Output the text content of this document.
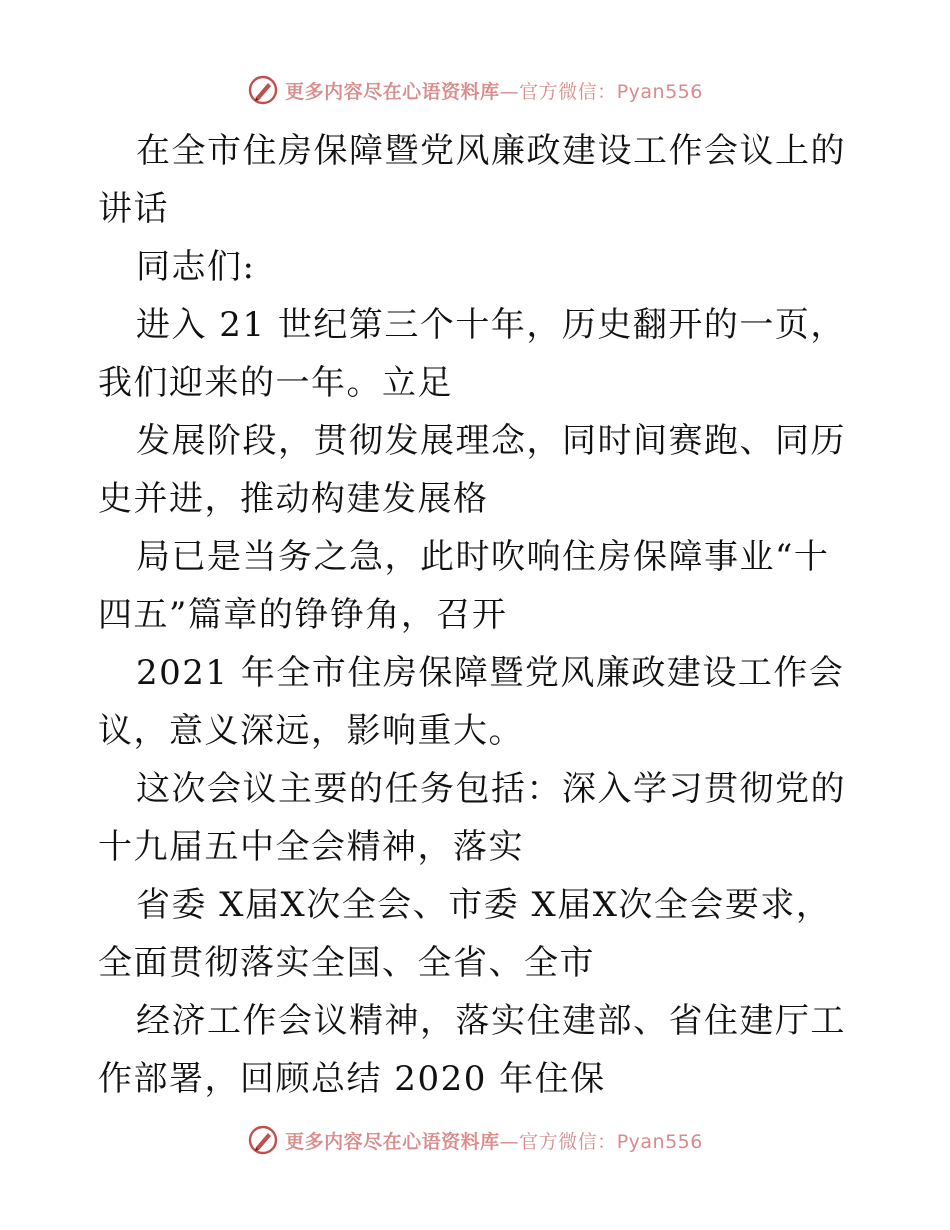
更多内容尽在心语资料库—官方微信：Pyan556

在全市住房保障暨党风廉政建设工作会议上的讲话

同志们:

进入 21 世纪第三个十年，历史翻开的一页，我们迎来的一年。立足

发展阶段，贯彻发展理念，同时间赛跑、同历史并进，推动构建发展格

局已是当务之急，此时吹响住房保障事业“十四五”篇章的铮铮角，召开

2021 年全市住房保障暨党风廉政建设工作会议，意义深远，影响重大。

这次会议主要的任务包括：深入学习贯彻党的十九届五中全会精神，落实

省委 X届X次全会、市委 X届X次全会要求，全面贯彻落实全国、全省、全市

经济工作会议精神，落实住建部、省住建厅工作部署，回顾总结 2020 年住保

更多内容尽在心语资料库—官方微信：Pyan556
